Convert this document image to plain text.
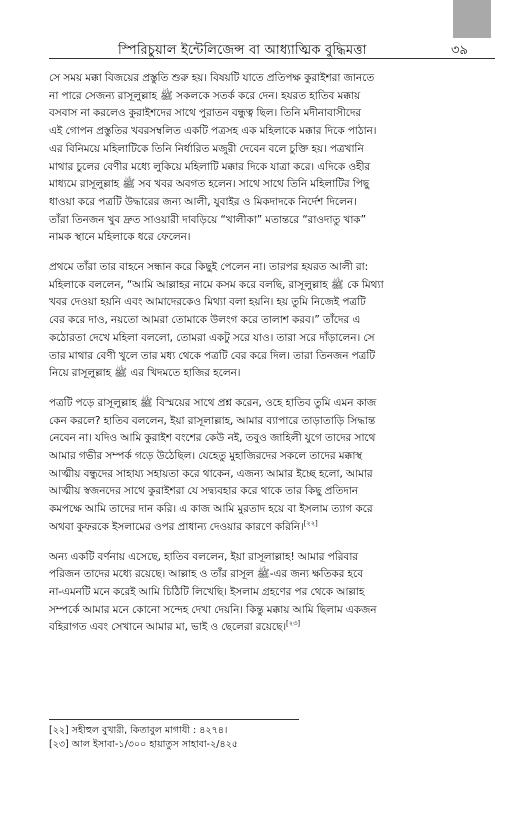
স্পিরিচুয়াল ইন্টেলিজেন্স বা আধ্যাত্মিক বুদ্ধিমত্তা	৩৯

সে সময় মক্কা বিজয়ের প্রস্তুতি শুরু হয়। বিষয়টি যাতে প্রতিপক্ষ কুরাইশরা জানতে
না পারে সেজন্য রাসূলুল্লাহ ﷺ সকলকে সতর্ক করে দেন। হযরত হাতিব মক্কায়
বসবাস না করলেও কুরাইশদের সাথে পুরাতন বন্ধুত্ব ছিল। তিনি মদীনাবাসীদের
এই গোপন প্রস্তুতির খবরসম্বলিত একটি পত্রসহ এক মহিলাকে মক্কার দিকে পাঠান।
এর বিনিময়ে মহিলাটিকে তিনি নির্ধারিত মজুরী দেবেন বলে চুক্তি হয়। পত্রখানি
মাথার চুলের বেণীর মধ্যে লুকিয়ে মহিলাটি মক্কার দিকে যাত্রা করে। এদিকে ওহীর
মাধ্যমে রাসূলুল্লাহ ﷺ সব খবর অবগত হলেন। সাথে সাথে তিনি মহিলাটির পিছু
ধাওয়া করে পত্রটি উদ্ধারের জন্য আলী, যুবাইর ও মিকদাদকে নির্দেশ দিলেন।
তাঁরা তিনজন খুব দ্রুত সাওয়ারী দাবড়িয়ে “খালীকা” মতান্তরে “রাওদাতু খাক”
নামক স্থানে মহিলাকে ধরে ফেলেন।

প্রথমে তাঁরা তার বাহনে সন্ধান করে কিছুই পেলেন না। তারপর হযরত আলী রা:
মহিলাকে বললেন, “আমি আল্লাহর নামে কসম করে বলছি, রাসূলুল্লাহ ﷺ কে মিথ্যা
খবর দেওয়া হয়নি এবং আমাদেরকেও মিথ্যা বলা হয়নি। হয় তুমি নিজেই পত্রটি
বের করে দাও, নয়তো আমরা তোমাকে উলংগ করে তালাশ করব।” তাঁদের এ
কঠোরতা দেখে মহিলা বললো, তোমরা একটু সরে যাও। তারা সরে দাঁড়ালেন। সে
তার মাথার বেণী খুলে তার মধ্য থেকে পত্রটি বের করে দিল। তারা তিনজন পত্রটি
নিয়ে রাসূলুল্লাহ ﷺ এর খিদমতে হাজির হলেন।

পত্রটি পড়ে রাসূলুল্লাহ ﷺ বিস্ময়ের সাথে প্রশ্ন করেন, ওহে হাতিব তুমি এমন কাজ
কেন করলে? হাতিব বললেন, ইয়া রাসূলাল্লাহ, আমার ব্যাপারে তাড়াতাড়ি সিদ্ধান্ত
নেবেন না। যদিও আমি কুরাইশ বংশের কেউ নই, তবুও জাহিলী যুগে তাদের সাথে
আমার গভীর সম্পর্ক গড়ে উঠেছিল। যেহেতু মুহাজিরদের সকলে তাদের মক্কাস্থ
আত্মীয় বন্ধুদের সাহায্য সহায়তা করে থাকেন, এজন্য আমার ইচ্ছে হলো, আমার
আত্মীয় স্বজনদের সাথে কুরাইশরা যে সদ্ব্যবহার করে থাকে তার কিছু প্রতিদান
কমপক্ষে আমি তাদের দান করি। এ কাজ আমি মুরতাদ হয়ে বা ইসলাম ত্যাগ করে
অথবা কুফরকে ইসলামের ওপর প্রাধান্য দেওয়ার কারণে করিনি।[২২]

অন্য একটি বর্ণনায় এসেছে, হাতিব বললেন, ইয়া রাসূলাল্লাহ! আমার পরিবার
পরিজন তাদের মধ্যে রয়েছে। আল্লাহ ও তাঁর রাসূল ﷺ-এর জন্য ক্ষতিকর হবে
না-এমনটি মনে করেই আমি চিঠিটি লিখেছি। ইসলাম গ্রহণের পর থেকে আল্লাহ
সম্পর্কে আমার মনে কোনো সন্দেহ দেখা দেয়নি। কিন্তু মক্কায় আমি ছিলাম একজন
বহিরাগত এবং সেখানে আমার মা, ভাই ও ছেলেরা রয়েছে।[২৩]

[২২] সহীহুল বুখারী, কিতাবুল মাগাযী : ৪২৭৪।
[২৩] আল ইসাবা-১/৩০০ হায়াতুস সাহাবা-২/৪২৫
